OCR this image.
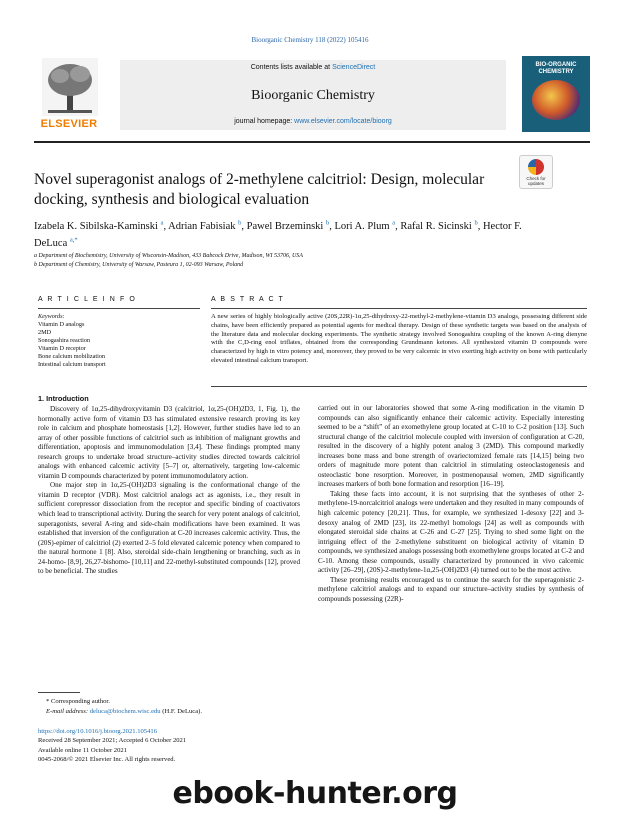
Bioorganic Chemistry 118 (2022) 105416
ELSEVIER
Contents lists available at ScienceDirect
Bioorganic Chemistry
journal homepage: www.elsevier.com/locate/bioorg
BIO-ORGANIC CHEMISTRY
Novel superagonist analogs of 2-methylene calcitriol: Design, molecular docking, synthesis and biological evaluation
Check for updates
Izabela K. Sibilska-Kaminski $^a$, Adrian Fabisiak $^b$, Pawel Brzeminski $^b$, Lori A. Plum $^a$, Rafal R. Sicinski $^b$, Hector F. DeLuca $^{a,*}$
a Department of Biochemistry, University of Wisconsin-Madison, 433 Babcock Drive, Madison, WI 53706, USA
b Department of Chemistry, University of Warsaw, Pasteura 1, 02-093 Warsaw, Poland
A R T I C L E I N F O	A B S T R A C T
Keywords:
Vitamin D analogs
2MD
Sonogashira reaction
Vitamin D receptor
Bone calcium mobilization
Intestinal calcium transport
A new series of highly biologically active (20S,22R)-1α,25-dihydroxy-22-methyl-2-methylene-vitamin D3 analogs, possessing different side chains, have been efficiently prepared as potential agents for medical therapy. Design of these synthetic targets was based on the analysis of the literature data and molecular docking experiments. The synthetic strategy involved Sonogashira coupling of the known A-ring dienyne with the C,D-ring enol triflates, obtained from the corresponding Grundmann ketones. All synthesized vitamin D compounds were characterized by high in vitro potency and, moreover, they proved to be very calcemic in vivo exerting high activity on bone with particularly elevated intestinal calcium transport.
1. Introduction

Discovery of 1α,25-dihydroxyvitamin D3 (calcitriol, 1α,25-(OH)2D3, 1, Fig. 1), the hormonally active form of vitamin D3 has stimulated extensive research proving its key role in calcium and phosphate homeostasis [1,2]. However, further studies have led to an array of other possible functions of calcitriol such as inhibition of malignant growths and differentiation, apoptosis and immunomodulation [3,4]. These findings prompted many research groups to undertake broad structure–activity studies directed towards calcitriol analogs with enhanced calcemic activity [5–7] or, alternatively, targeting low-calcemic vitamin D compounds characterized by potent immunomodulatory action.

One major step in 1α,25-(OH)2D3 signaling is the conformational change of the vitamin D receptor (VDR). Most calcitriol analogs act as agonists, i.e., they result in sufficient corepressor dissociation from the receptor and specific binding of coactivators which lead to transcriptional activity. During the search for very potent analogs of calcitriol, superagonists, several A-ring and side-chain modifications have been examined. It was established that inversion of the configuration at C-20 increases calcemic activity. Thus, the (20S)-epimer of calcitriol (2) exerted 2–5 fold elevated calcemic potency when compared to the natural hormone 1 [8]. Also, steroidal side-chain lengthening or branching, such as in 24-homo- [8,9], 26,27-bishomo- [10,11] and 22-methyl-substituted compounds [12], proved to be beneficial. The studies

carried out in our laboratories showed that some A-ring modification in the vitamin D compounds can also significantly enhance their calcemic activity. Especially interesting seemed to be a “shift” of an exomethylene group located at C-10 to C-2 position [13]. Such structural change of the calcitriol molecule coupled with inversion of configuration at C-20, resulted in the discovery of a highly potent analog 3 (2MD). This compound markedly increases bone mass and bone strength of ovariectomized female rats [14,15] being two orders of magnitude more potent than calcitriol in stimulating osteoclastogenesis and osteoclastic bone resorption. Moreover, in postmenopausal women, 2MD significantly increases markers of both bone formation and resorption [16–19].

Taking these facts into account, it is not surprising that the syntheses of other 2-methylene-19-norcalcitriol analogs were undertaken and they resulted in many compounds of high calcemic potency [20,21]. Thus, for example, we synthesized 1-desoxy [22] and 3-desoxy analog of 2MD [23], its 22-methyl homologs [24] as well as compounds with elongated steroidal side chains at C-26 and C-27 [25]. Trying to shed some light on the intriguing effect of the 2-methylene substituent on biological activity of vitamin D compounds, we synthesized analogs possessing both exomethylene groups located at C-2 and C-10. Among these compounds, usually characterized by pronounced in vivo calcemic activity [26–29], (20S)-2-methylene-1α,25-(OH)2D3 (4) turned out to be the most active.

These promising results encouraged us to continue the search for the superagonistic 2-methylene calcitriol analogs and to expand our structure–activity studies by synthesis of compounds possessing (22R)-

* Corresponding author.
E-mail address: deluca@biochem.wisc.edu (H.F. DeLuca).
https://doi.org/10.1016/j.bioorg.2021.105416
Received 28 September 2021; Accepted 6 October 2021
Available online 11 October 2021
0045-2068/© 2021 Elsevier Inc. All rights reserved.
ebook-hunter.org
